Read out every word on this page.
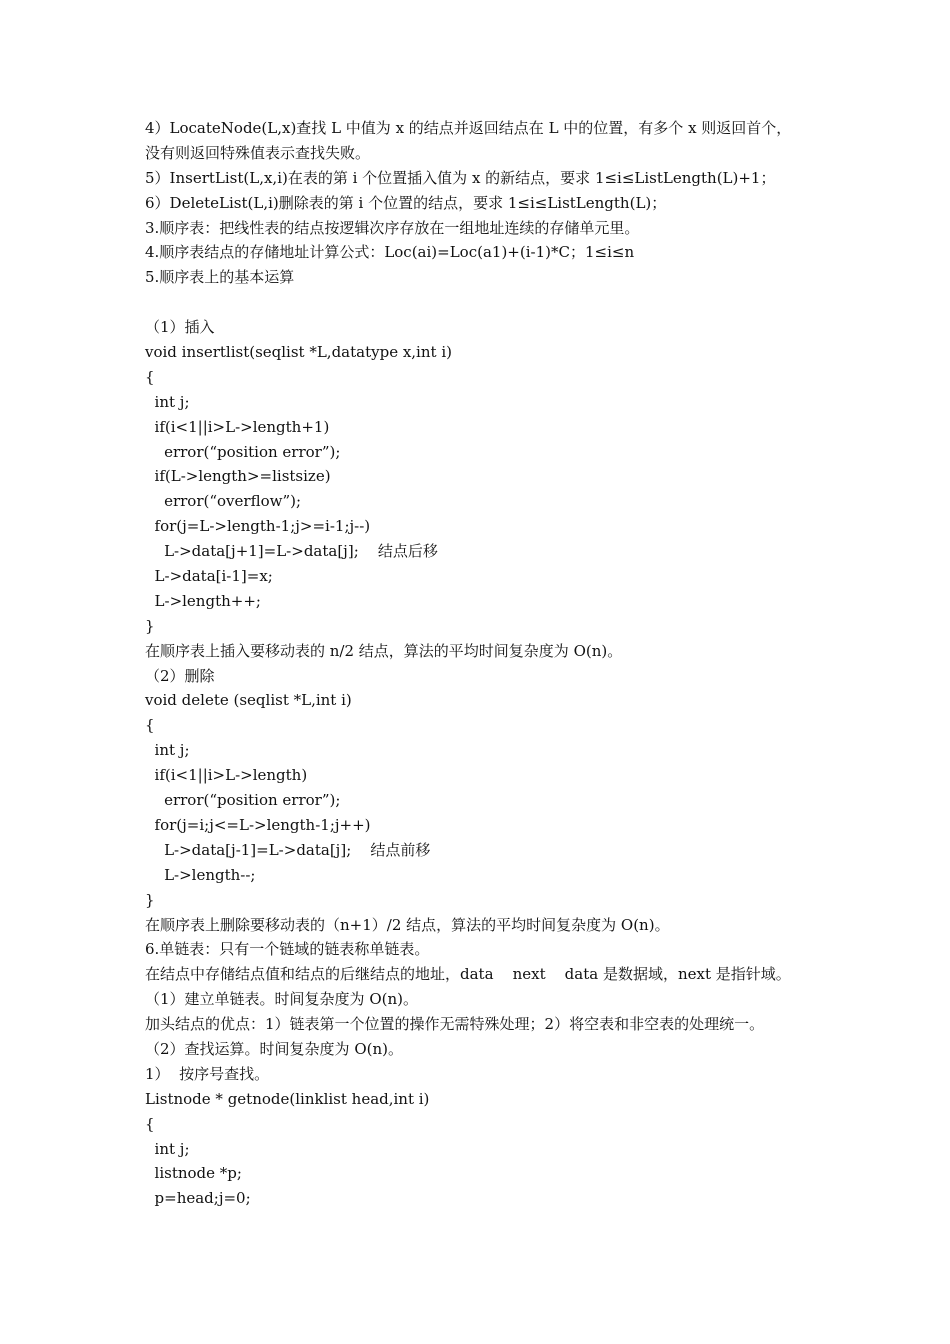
4）LocateNode(L,x)查找 L 中值为 x 的结点并返回结点在 L 中的位置，有多个 x 则返回首个，
没有则返回特殊值表示查找失败。
5）InsertList(L,x,i)在表的第 i 个位置插入值为 x 的新结点，要求 1≤i≤ListLength(L)+1；
6）DeleteList(L,i)删除表的第 i 个位置的结点，要求 1≤i≤ListLength(L)；
3.顺序表：把线性表的结点按逻辑次序存放在一组地址连续的存储单元里。
4.顺序表结点的存储地址计算公式：Loc(ai)=Loc(a1)+(i-1)*C；1≤i≤n
5.顺序表上的基本运算
（1）插入
void insertlist(seqlist *L,datatype x,int i)
{
int j;
if(i<1||i>L->length+1)
error(“position error”);
if(L->length>=listsize)
error(“overflow”);
for(j=L->length-1;j>=i-1;j--)
L->data[j+1]=L->data[j];    结点后移
L->data[i-1]=x;
L->length++;
}
在顺序表上插入要移动表的 n/2 结点，算法的平均时间复杂度为 O(n)。
（2）删除
void delete (seqlist *L,int i)
{
int j;
if(i<1||i>L->length)
error(“position error”);
for(j=i;j<=L->length-1;j++)
L->data[j-1]=L->data[j];    结点前移
L->length--;
}
在顺序表上删除要移动表的（n+1）/2 结点，算法的平均时间复杂度为 O(n)。
6.单链表：只有一个链域的链表称单链表。
在结点中存储结点值和结点的后继结点的地址，data    next    data 是数据域，next 是指针域。
（1）建立单链表。时间复杂度为 O(n)。
加头结点的优点：1）链表第一个位置的操作无需特殊处理；2）将空表和非空表的处理统一。
（2）查找运算。时间复杂度为 O(n)。
1）  按序号查找。
Listnode * getnode(linklist head,int i)
{
int j;
listnode *p;
p=head;j=0;
